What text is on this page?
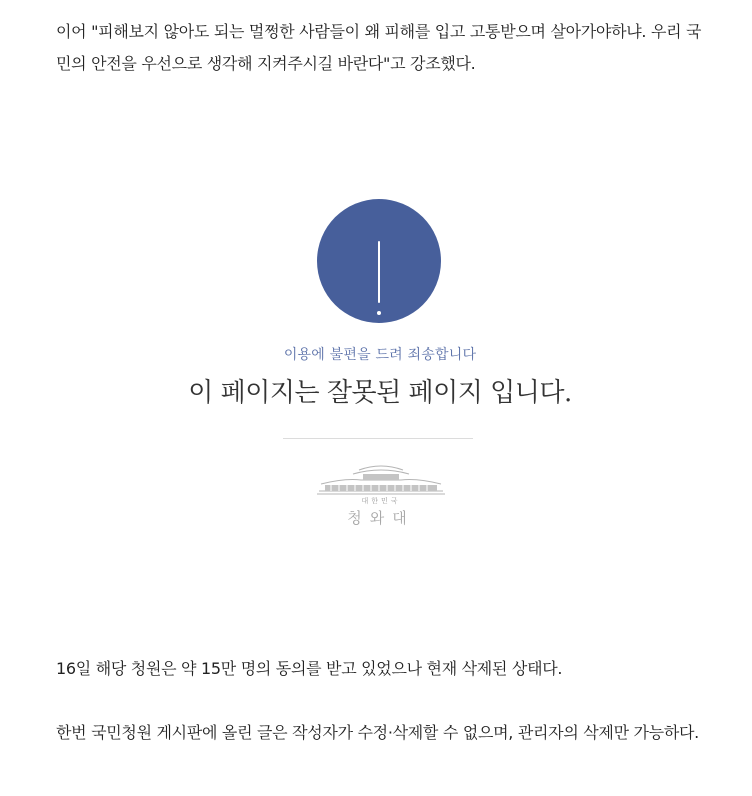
이어 "피해보지 않아도 되는 멀쩡한 사람들이 왜 피해를 입고 고통받으며 살아가야하냐. 우리 국민의 안전을 우선으로 생각해 지켜주시길 바란다"고 강조했다.

이용에 불편을 드려 죄송합니다
이 페이지는 잘못된 페이지 입니다.
대한민국
청와대

16일 해당 청원은 약 15만 명의 동의를 받고 있었으나 현재 삭제된 상태다.

한번 국민청원 게시판에 올린 글은 작성자가 수정·삭제할 수 없으며, 관리자의 삭제만 가능하다.
